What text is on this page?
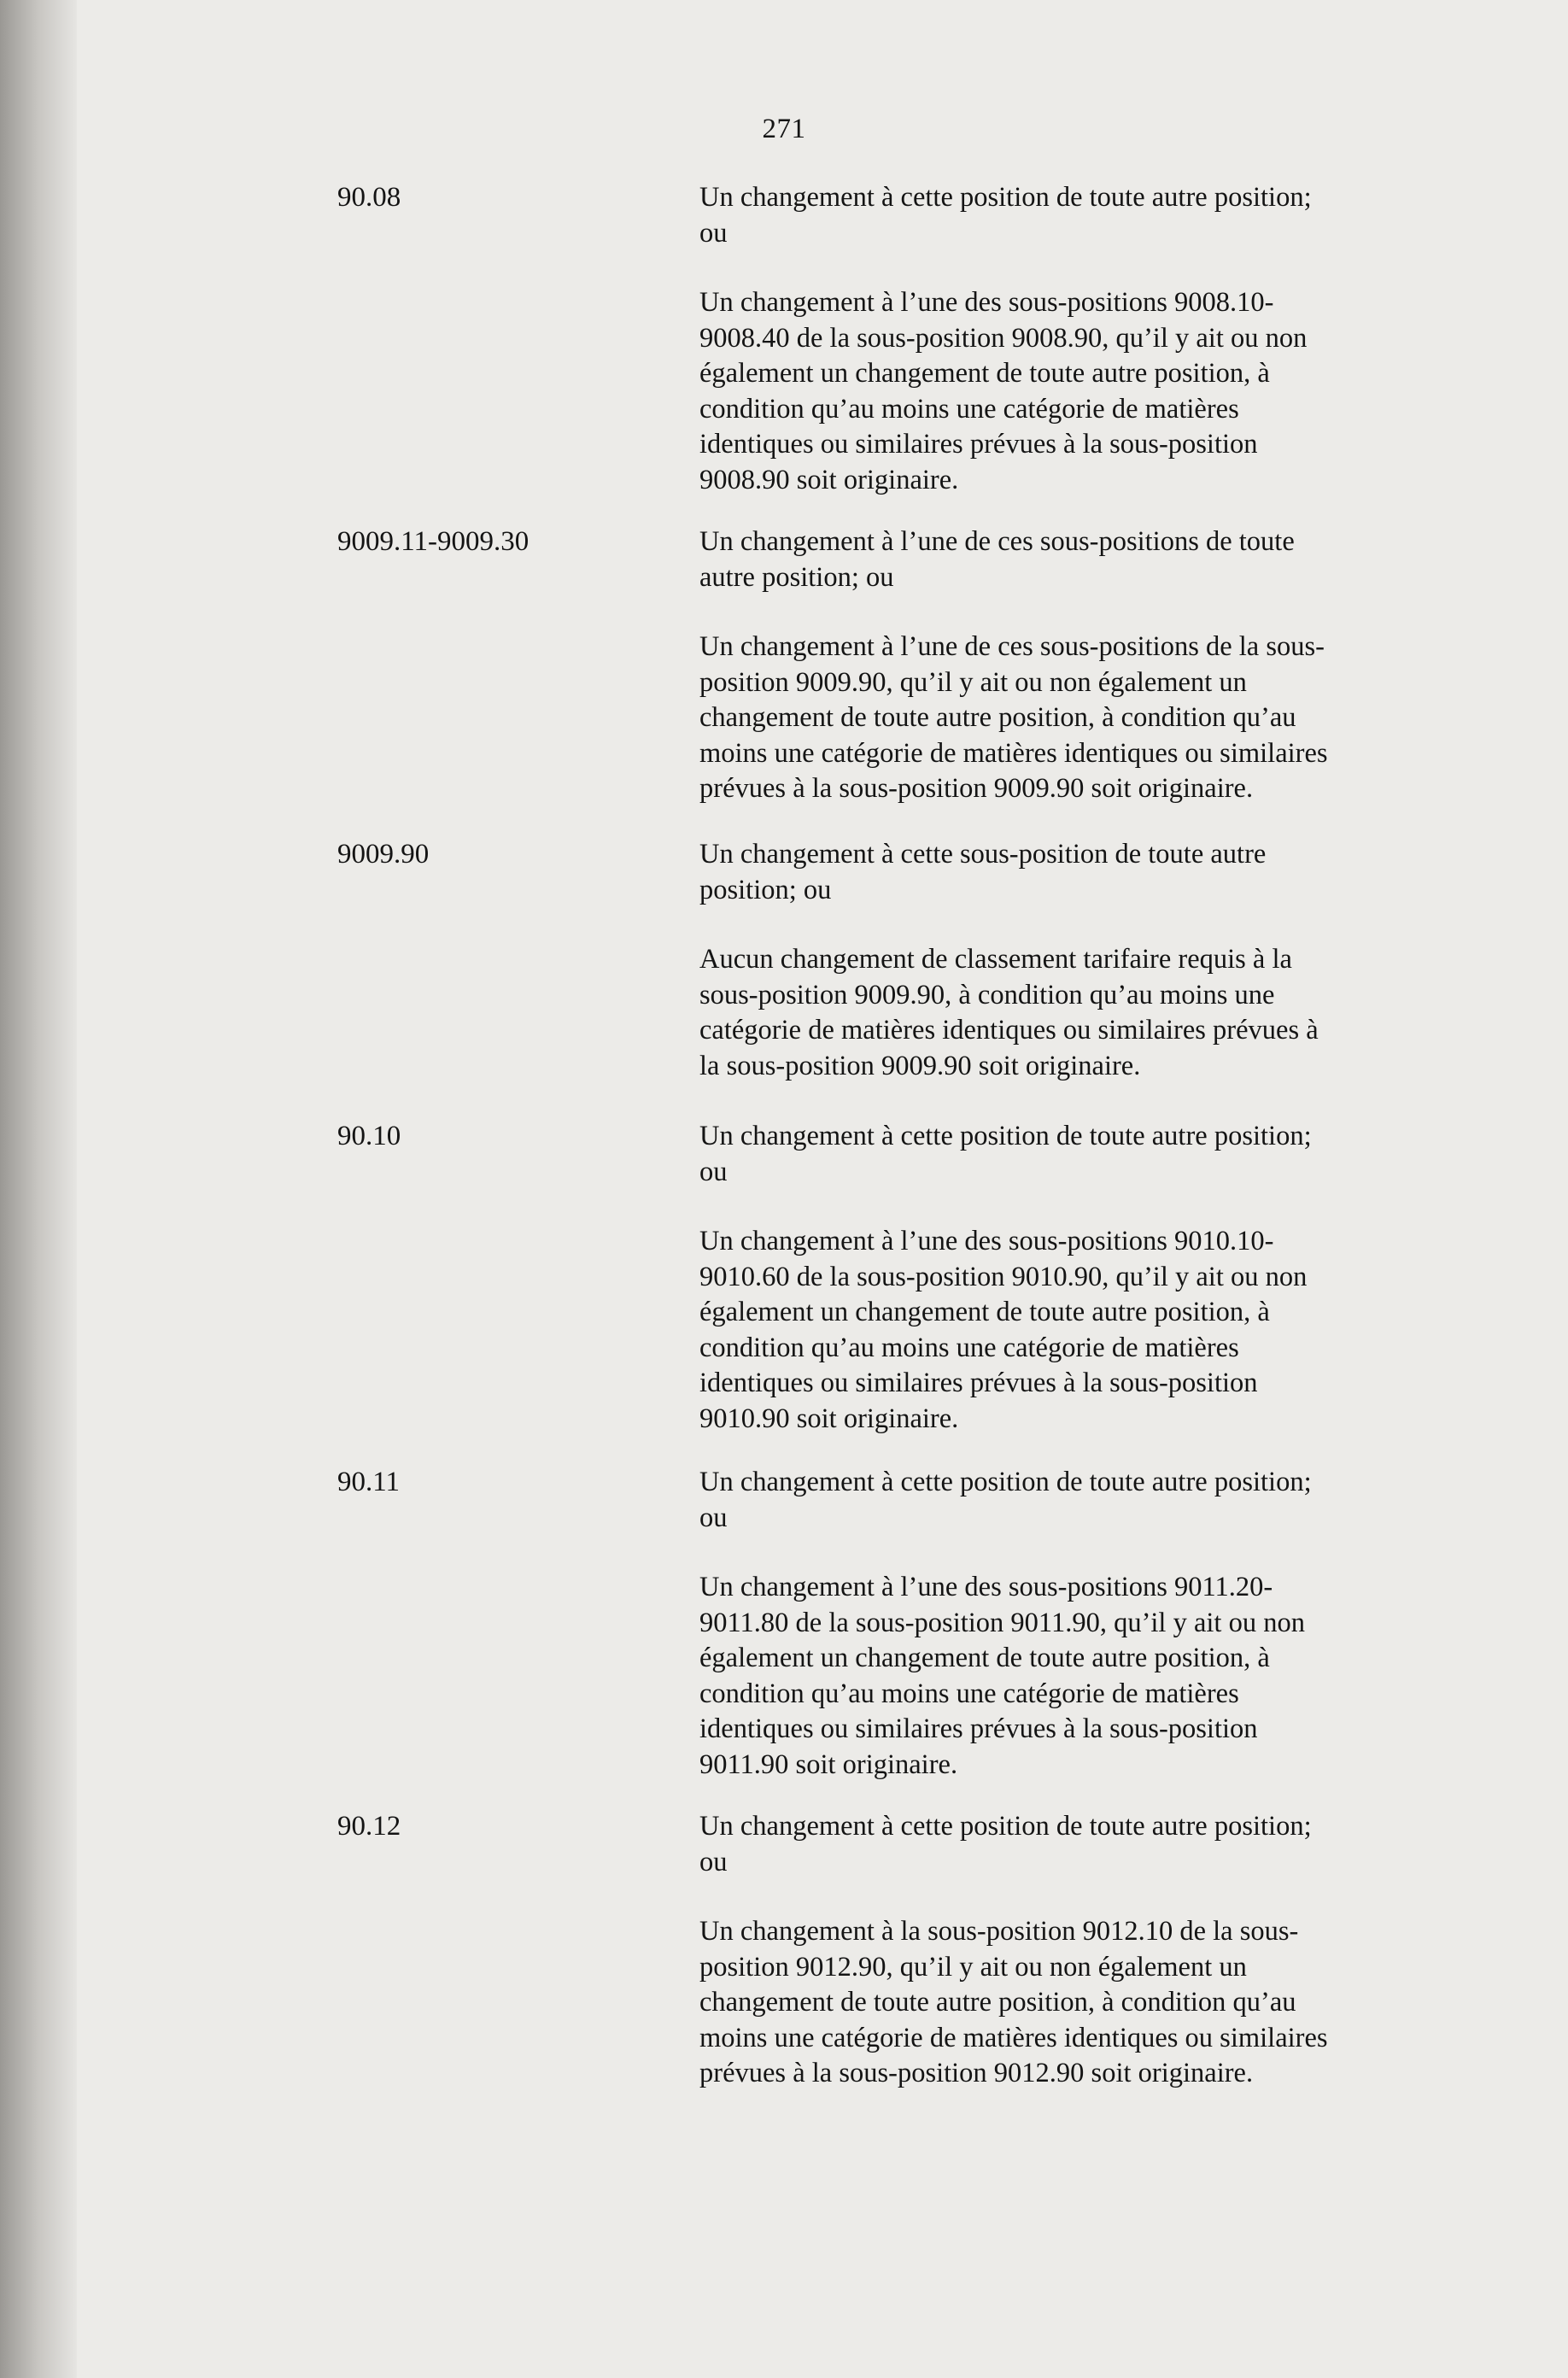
271
90.08	Un changement à cette position de toute autre position;
ou

Un changement à l’une des sous-positions 9008.10-
9008.40 de la sous-position 9008.90, qu’il y ait ou non
également un changement de toute autre position, à
condition qu’au moins une catégorie de matières
identiques ou similaires prévues à la sous-position
9008.90 soit originaire.

9009.11-9009.30	Un changement à l’une de ces sous-positions de toute
autre position; ou

Un changement à l’une de ces sous-positions de la sous-
position 9009.90, qu’il y ait ou non également un
changement de toute autre position, à condition qu’au
moins une catégorie de matières identiques ou similaires
prévues à la sous-position 9009.90 soit originaire.

9009.90	Un changement à cette sous-position de toute autre
position; ou

Aucun changement de classement tarifaire requis à la
sous-position 9009.90, à condition qu’au moins une
catégorie de matières identiques ou similaires prévues à
la sous-position 9009.90 soit originaire.

90.10	Un changement à cette position de toute autre position;
ou

Un changement à l’une des sous-positions 9010.10-
9010.60 de la sous-position 9010.90, qu’il y ait ou non
également un changement de toute autre position, à
condition qu’au moins une catégorie de matières
identiques ou similaires prévues à la sous-position
9010.90 soit originaire.

90.11	Un changement à cette position de toute autre position;
ou

Un changement à l’une des sous-positions 9011.20-
9011.80 de la sous-position 9011.90, qu’il y ait ou non
également un changement de toute autre position, à
condition qu’au moins une catégorie de matières
identiques ou similaires prévues à la sous-position
9011.90 soit originaire.

90.12	Un changement à cette position de toute autre position;
ou

Un changement à la sous-position 9012.10 de la sous-
position 9012.90, qu’il y ait ou non également un
changement de toute autre position, à condition qu’au
moins une catégorie de matières identiques ou similaires
prévues à la sous-position 9012.90 soit originaire.
